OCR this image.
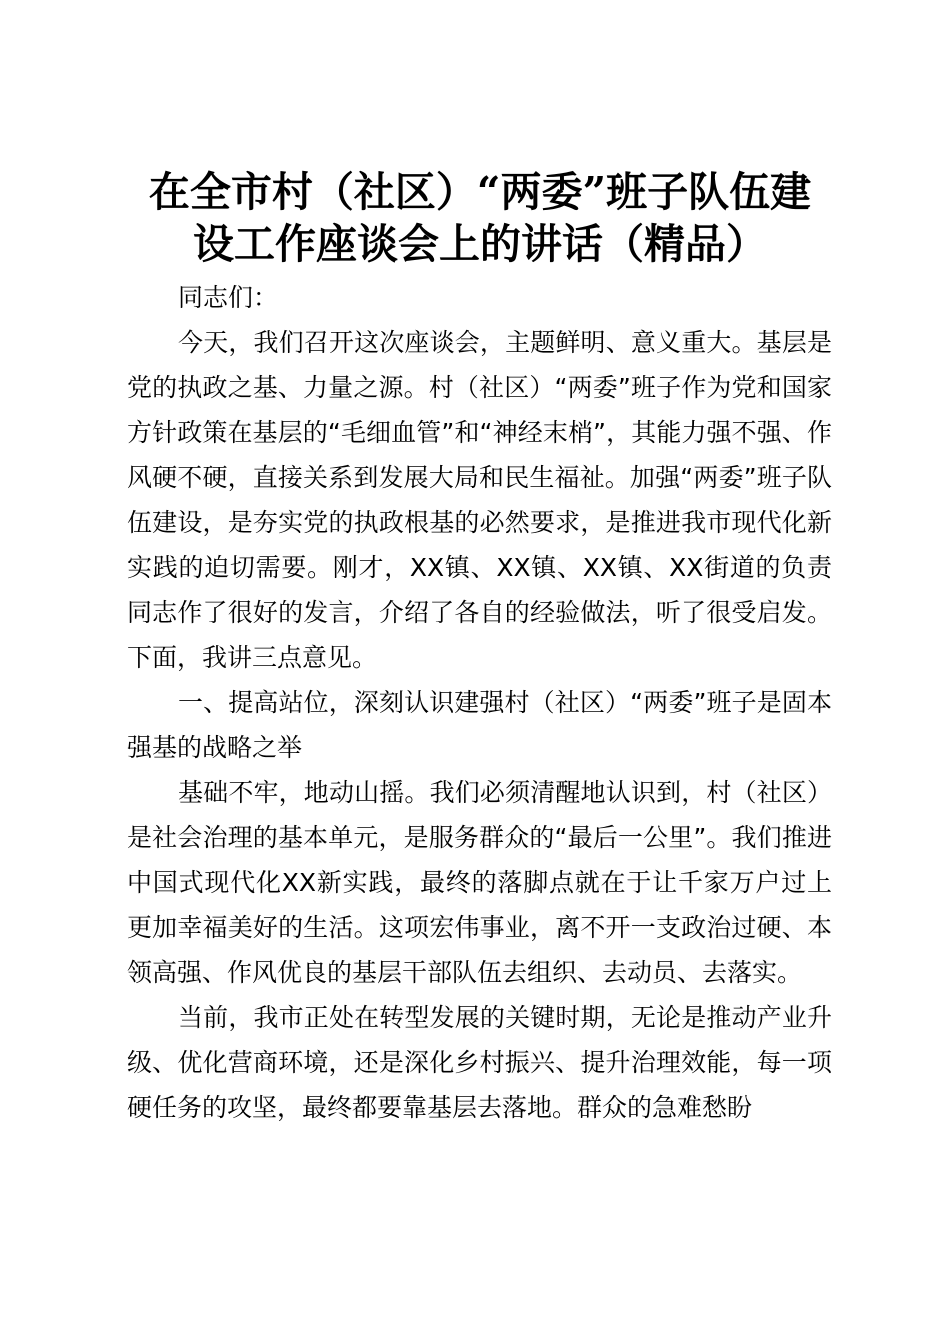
在全市村（社区）“两委”班子队伍建
设工作座谈会上的讲话（精品）

同志们：

今天，我们召开这次座谈会，主题鲜明、意义重大。基层是党的执政之基、力量之源。村（社区）“两委”班子作为党和国家方针政策在基层的“毛细血管”和“神经末梢”，其能力强不强、作风硬不硬，直接关系到发展大局和民生福祉。加强“两委”班子队伍建设，是夯实党的执政根基的必然要求，是推进我市现代化新实践的迫切需要。刚才，XX镇、XX镇、XX镇、XX街道的负责同志作了很好的发言，介绍了各自的经验做法，听了很受启发。下面，我讲三点意见。

一、提高站位，深刻认识建强村（社区）“两委”班子是固本强基的战略之举

基础不牢，地动山摇。我们必须清醒地认识到，村（社区）是社会治理的基本单元，是服务群众的“最后一公里”。我们推进中国式现代化XX新实践，最终的落脚点就在于让千家万户过上更加幸福美好的生活。这项宏伟事业，离不开一支政治过硬、本领高强、作风优良的基层干部队伍去组织、去动员、去落实。

当前，我市正处在转型发展的关键时期，无论是推动产业升级、优化营商环境，还是深化乡村振兴、提升治理效能，每一项硬任务的攻坚，最终都要靠基层去落地。群众的急难愁盼
